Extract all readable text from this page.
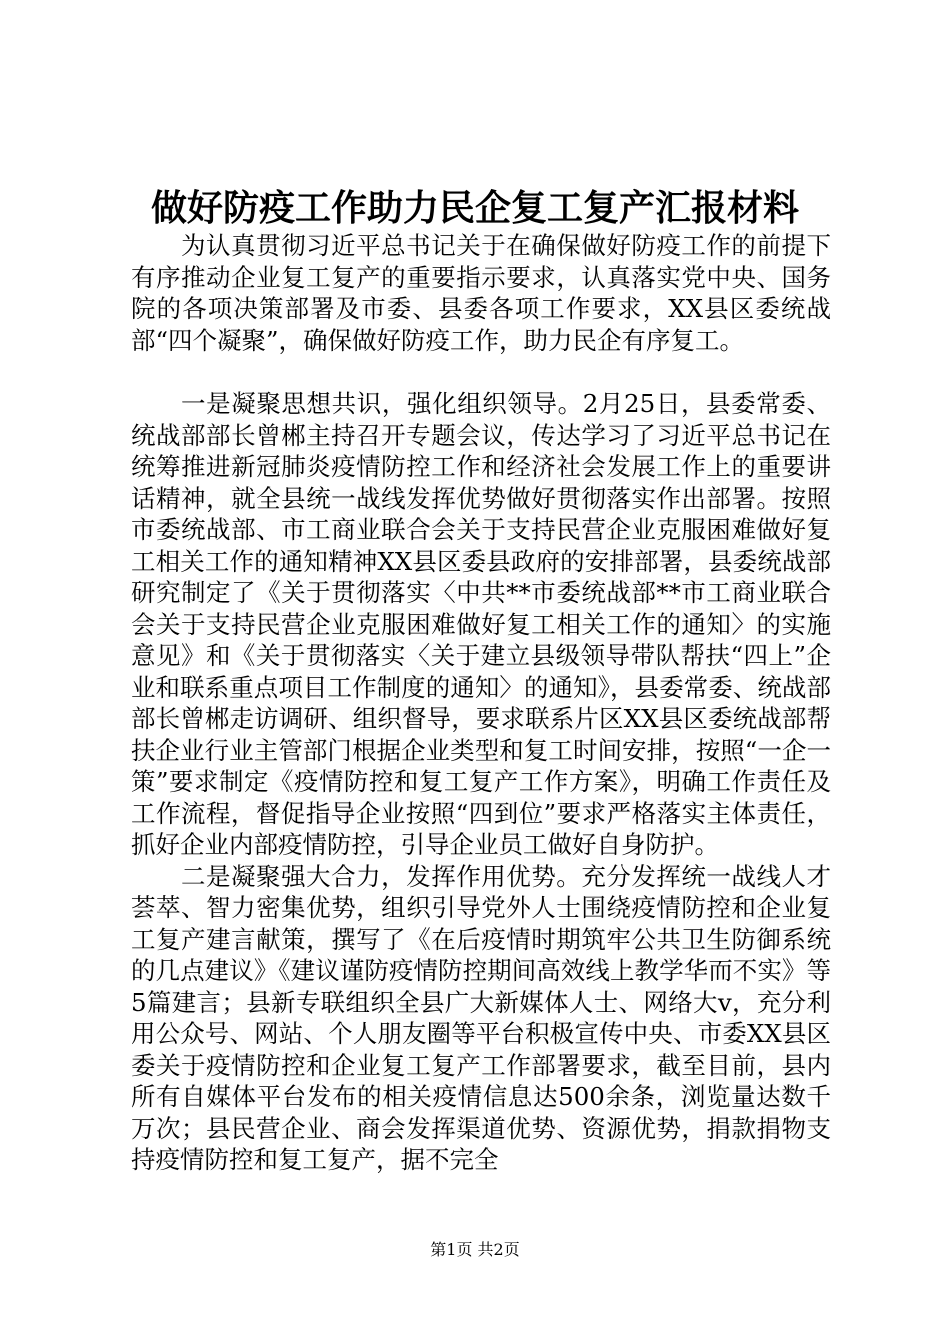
做好防疫工作助力民企复工复产汇报材料

为认真贯彻习近平总书记关于在确保做好防疫工作的前提下有序推动企业复工复产的重要指示要求，认真落实党中央、国务院的各项决策部署及市委、县委各项工作要求，XX县区委统战部“四个凝聚”，确保做好防疫工作，助力民企有序复工。

一是凝聚思想共识，强化组织领导。2月25日，县委常委、统战部部长曾郴主持召开专题会议，传达学习了习近平总书记在统筹推进新冠肺炎疫情防控工作和经济社会发展工作上的重要讲话精神，就全县统一战线发挥优势做好贯彻落实作出部署。按照市委统战部、市工商业联合会关于支持民营企业克服困难做好复工相关工作的通知精神XX县区委县政府的安排部署，县委统战部研究制定了《关于贯彻落实〈中共**市委统战部**市工商业联合会关于支持民营企业克服困难做好复工相关工作的通知〉的实施意见》和《关于贯彻落实〈关于建立县级领导带队帮扶“四上”企业和联系重点项目工作制度的通知〉的通知》，县委常委、统战部部长曾郴走访调研、组织督导，要求联系片区XX县区委统战部帮扶企业行业主管部门根据企业类型和复工时间安排，按照“一企一策”要求制定《疫情防控和复工复产工作方案》，明确工作责任及工作流程，督促指导企业按照“四到位”要求严格落实主体责任，抓好企业内部疫情防控，引导企业员工做好自身防护。

二是凝聚强大合力，发挥作用优势。充分发挥统一战线人才荟萃、智力密集优势，组织引导党外人士围绕疫情防控和企业复工复产建言献策，撰写了《在后疫情时期筑牢公共卫生防御系统的几点建议》《建议谨防疫情防控期间高效线上教学华而不实》等5篇建言；县新专联组织全县广大新媒体人士、网络大v，充分利用公众号、网站、个人朋友圈等平台积极宣传中央、市委XX县区委关于疫情防控和企业复工复产工作部署要求，截至目前，县内所有自媒体平台发布的相关疫情信息达500余条，浏览量达数千万次；县民营企业、商会发挥渠道优势、资源优势，捐款捐物支持疫情防控和复工复产，据不完全

第1页 共2页
